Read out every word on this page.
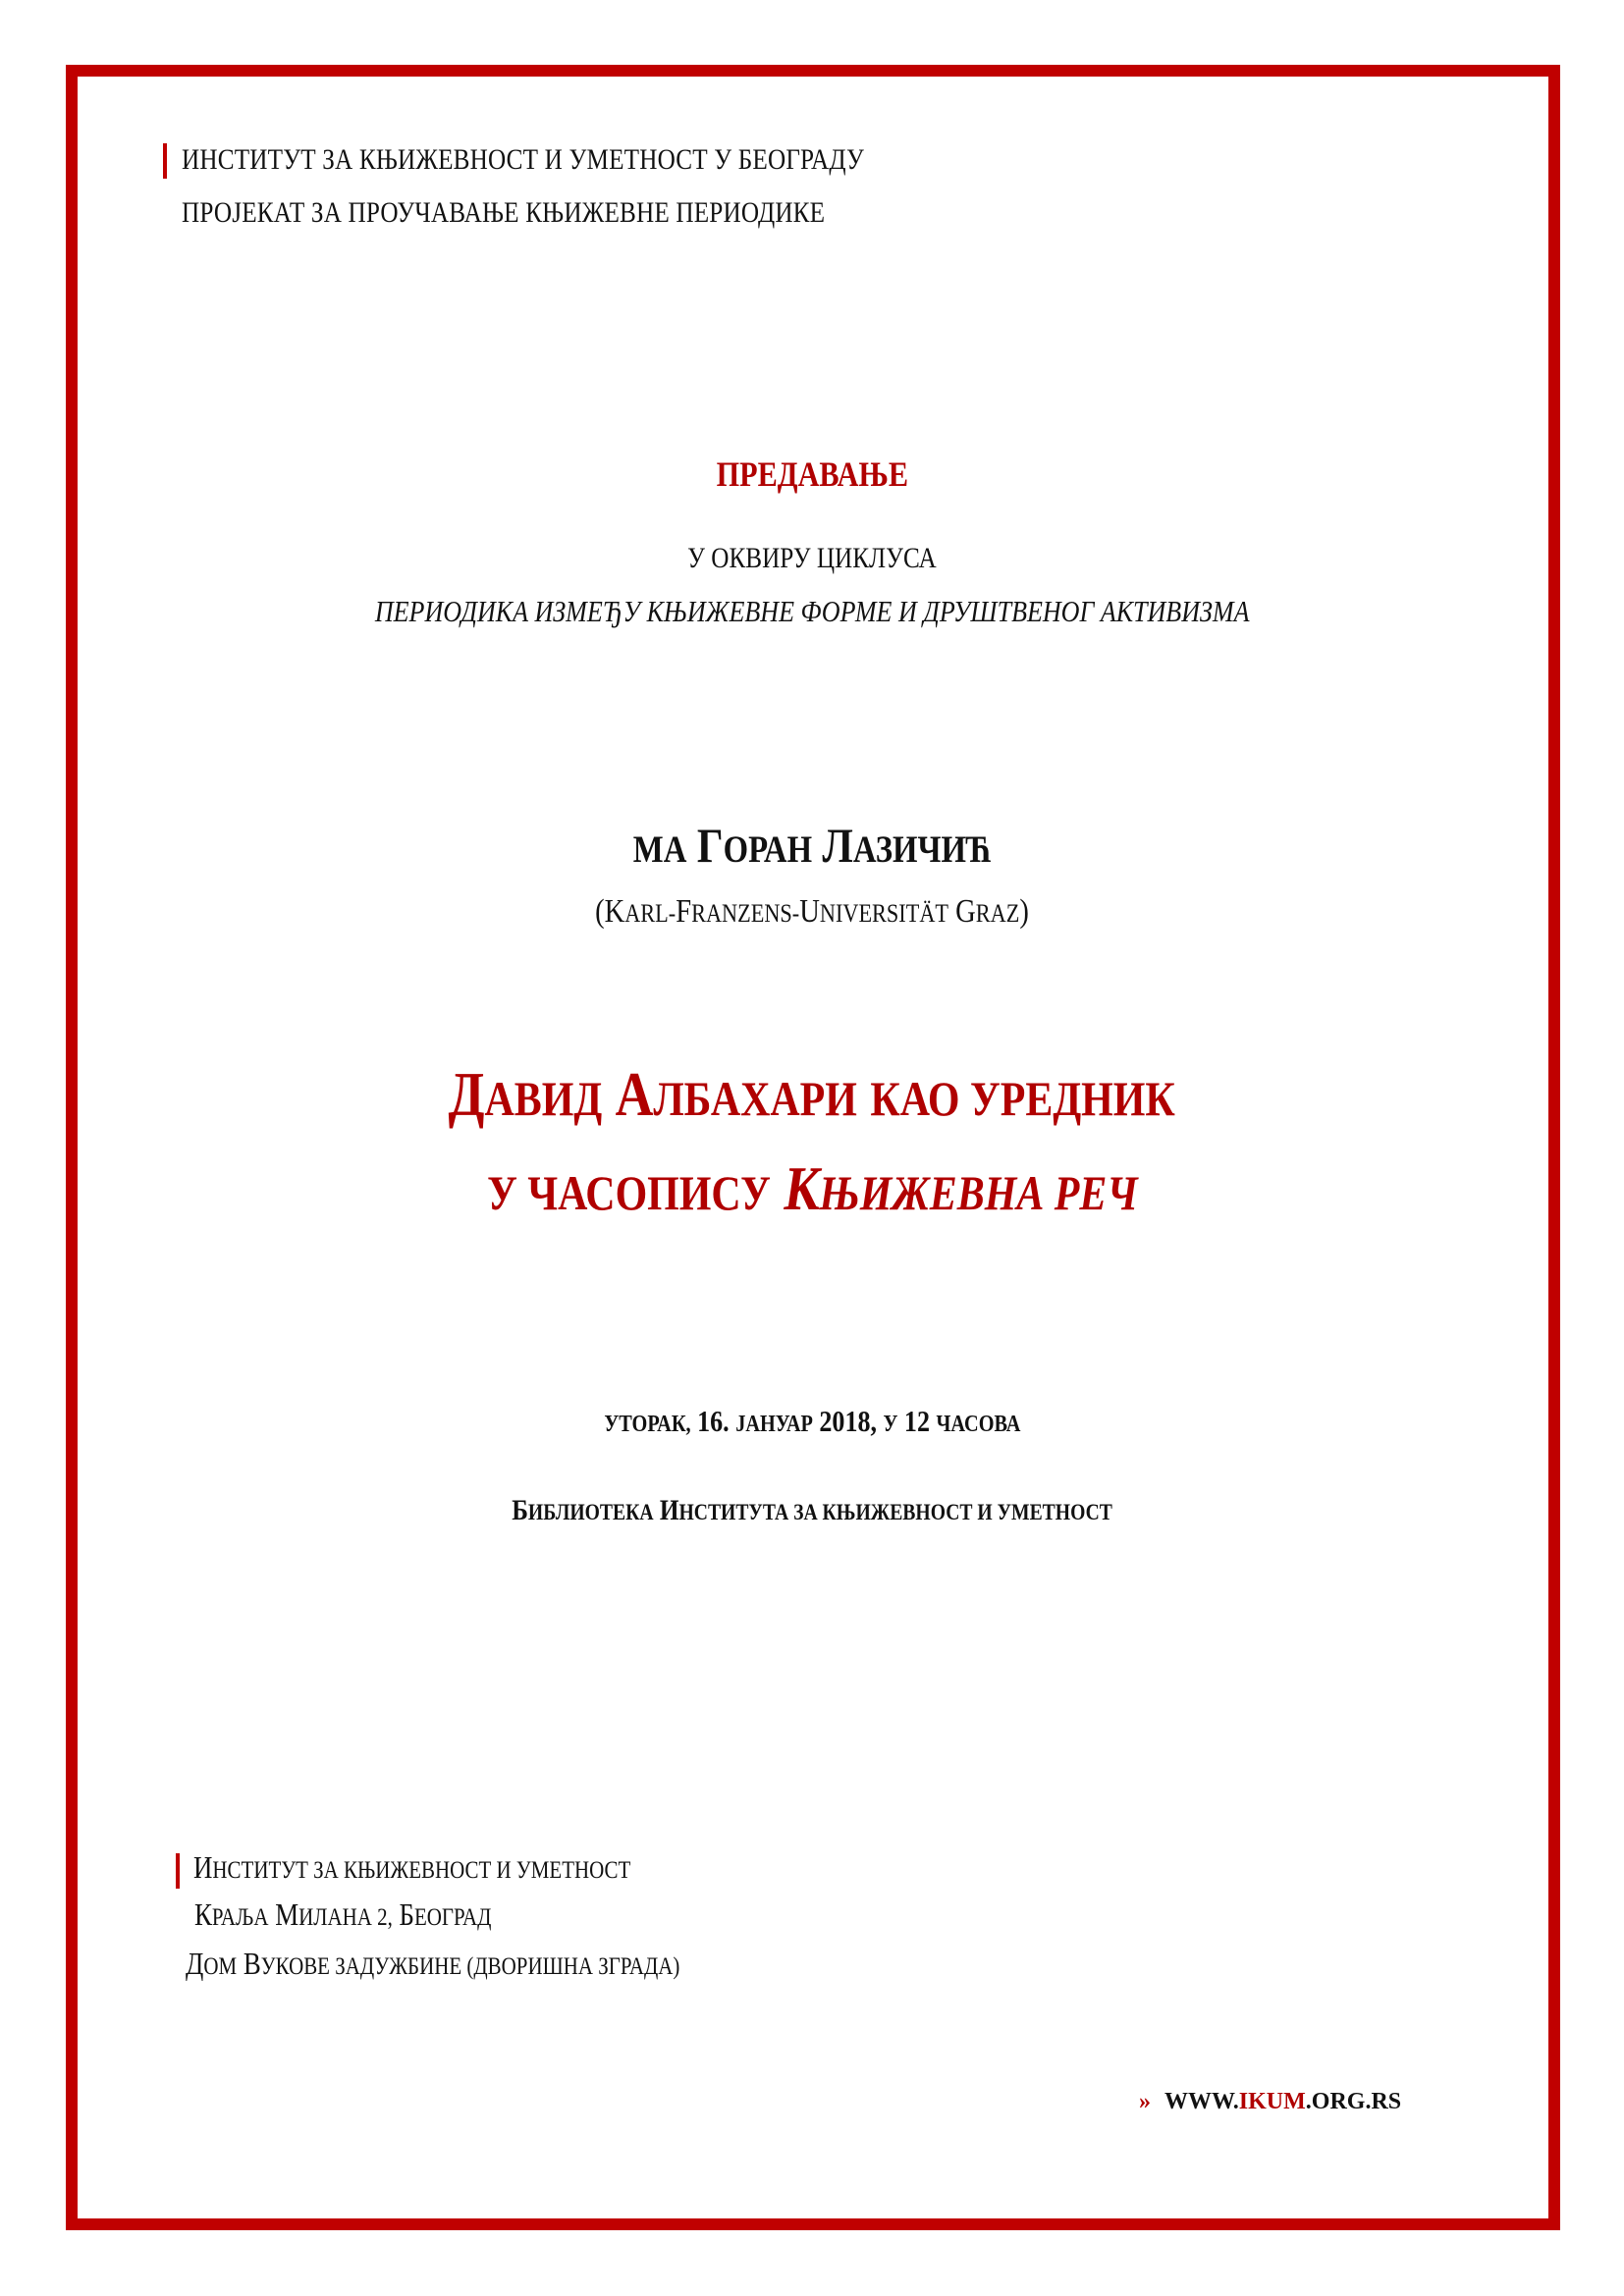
ИНСТИТУТ ЗА КЊИЖЕВНОСТ И УМЕТНОСТ У БЕОГРАДУ
ПРОЈЕКАТ ЗА ПРОУЧАВАЊЕ КЊИЖЕВНЕ ПЕРИОДИКЕ
ПРЕДАВАЊЕ
У ОКВИРУ ЦИКЛУСА
ПЕРИОДИКА ИЗМЕЂУ КЊИЖЕВНЕ ФОРМЕ И ДРУШТВЕНОГ АКТИВИЗМА
МА ГОРАН ЛАЗИЧИЋ
(KARL-FRANZENS-UNIVERSITÄT GRAZ)
ДАВИД АЛБАХАРИ КАО УРЕДНИК
У ЧАСОПИСУ КЊИЖЕВНА РЕЧ
УТОРАК, 16. ЈАНУАР 2018, У 12 ЧАСОВА
БИБЛИОТЕКА ИНСТИТУТА ЗА КЊИЖЕВНОСТ И УМЕТНОСТ
ИНСТИТУТ ЗА КЊИЖЕВНОСТ И УМЕТНОСТ
КРАЉА МИЛАНА 2, БЕОГРАД
ДОМ ВУКОВЕ ЗАДУЖБИНЕ (ДВОРИШНА ЗГРАДА)
» WWW.IKUM.ORG.RS
